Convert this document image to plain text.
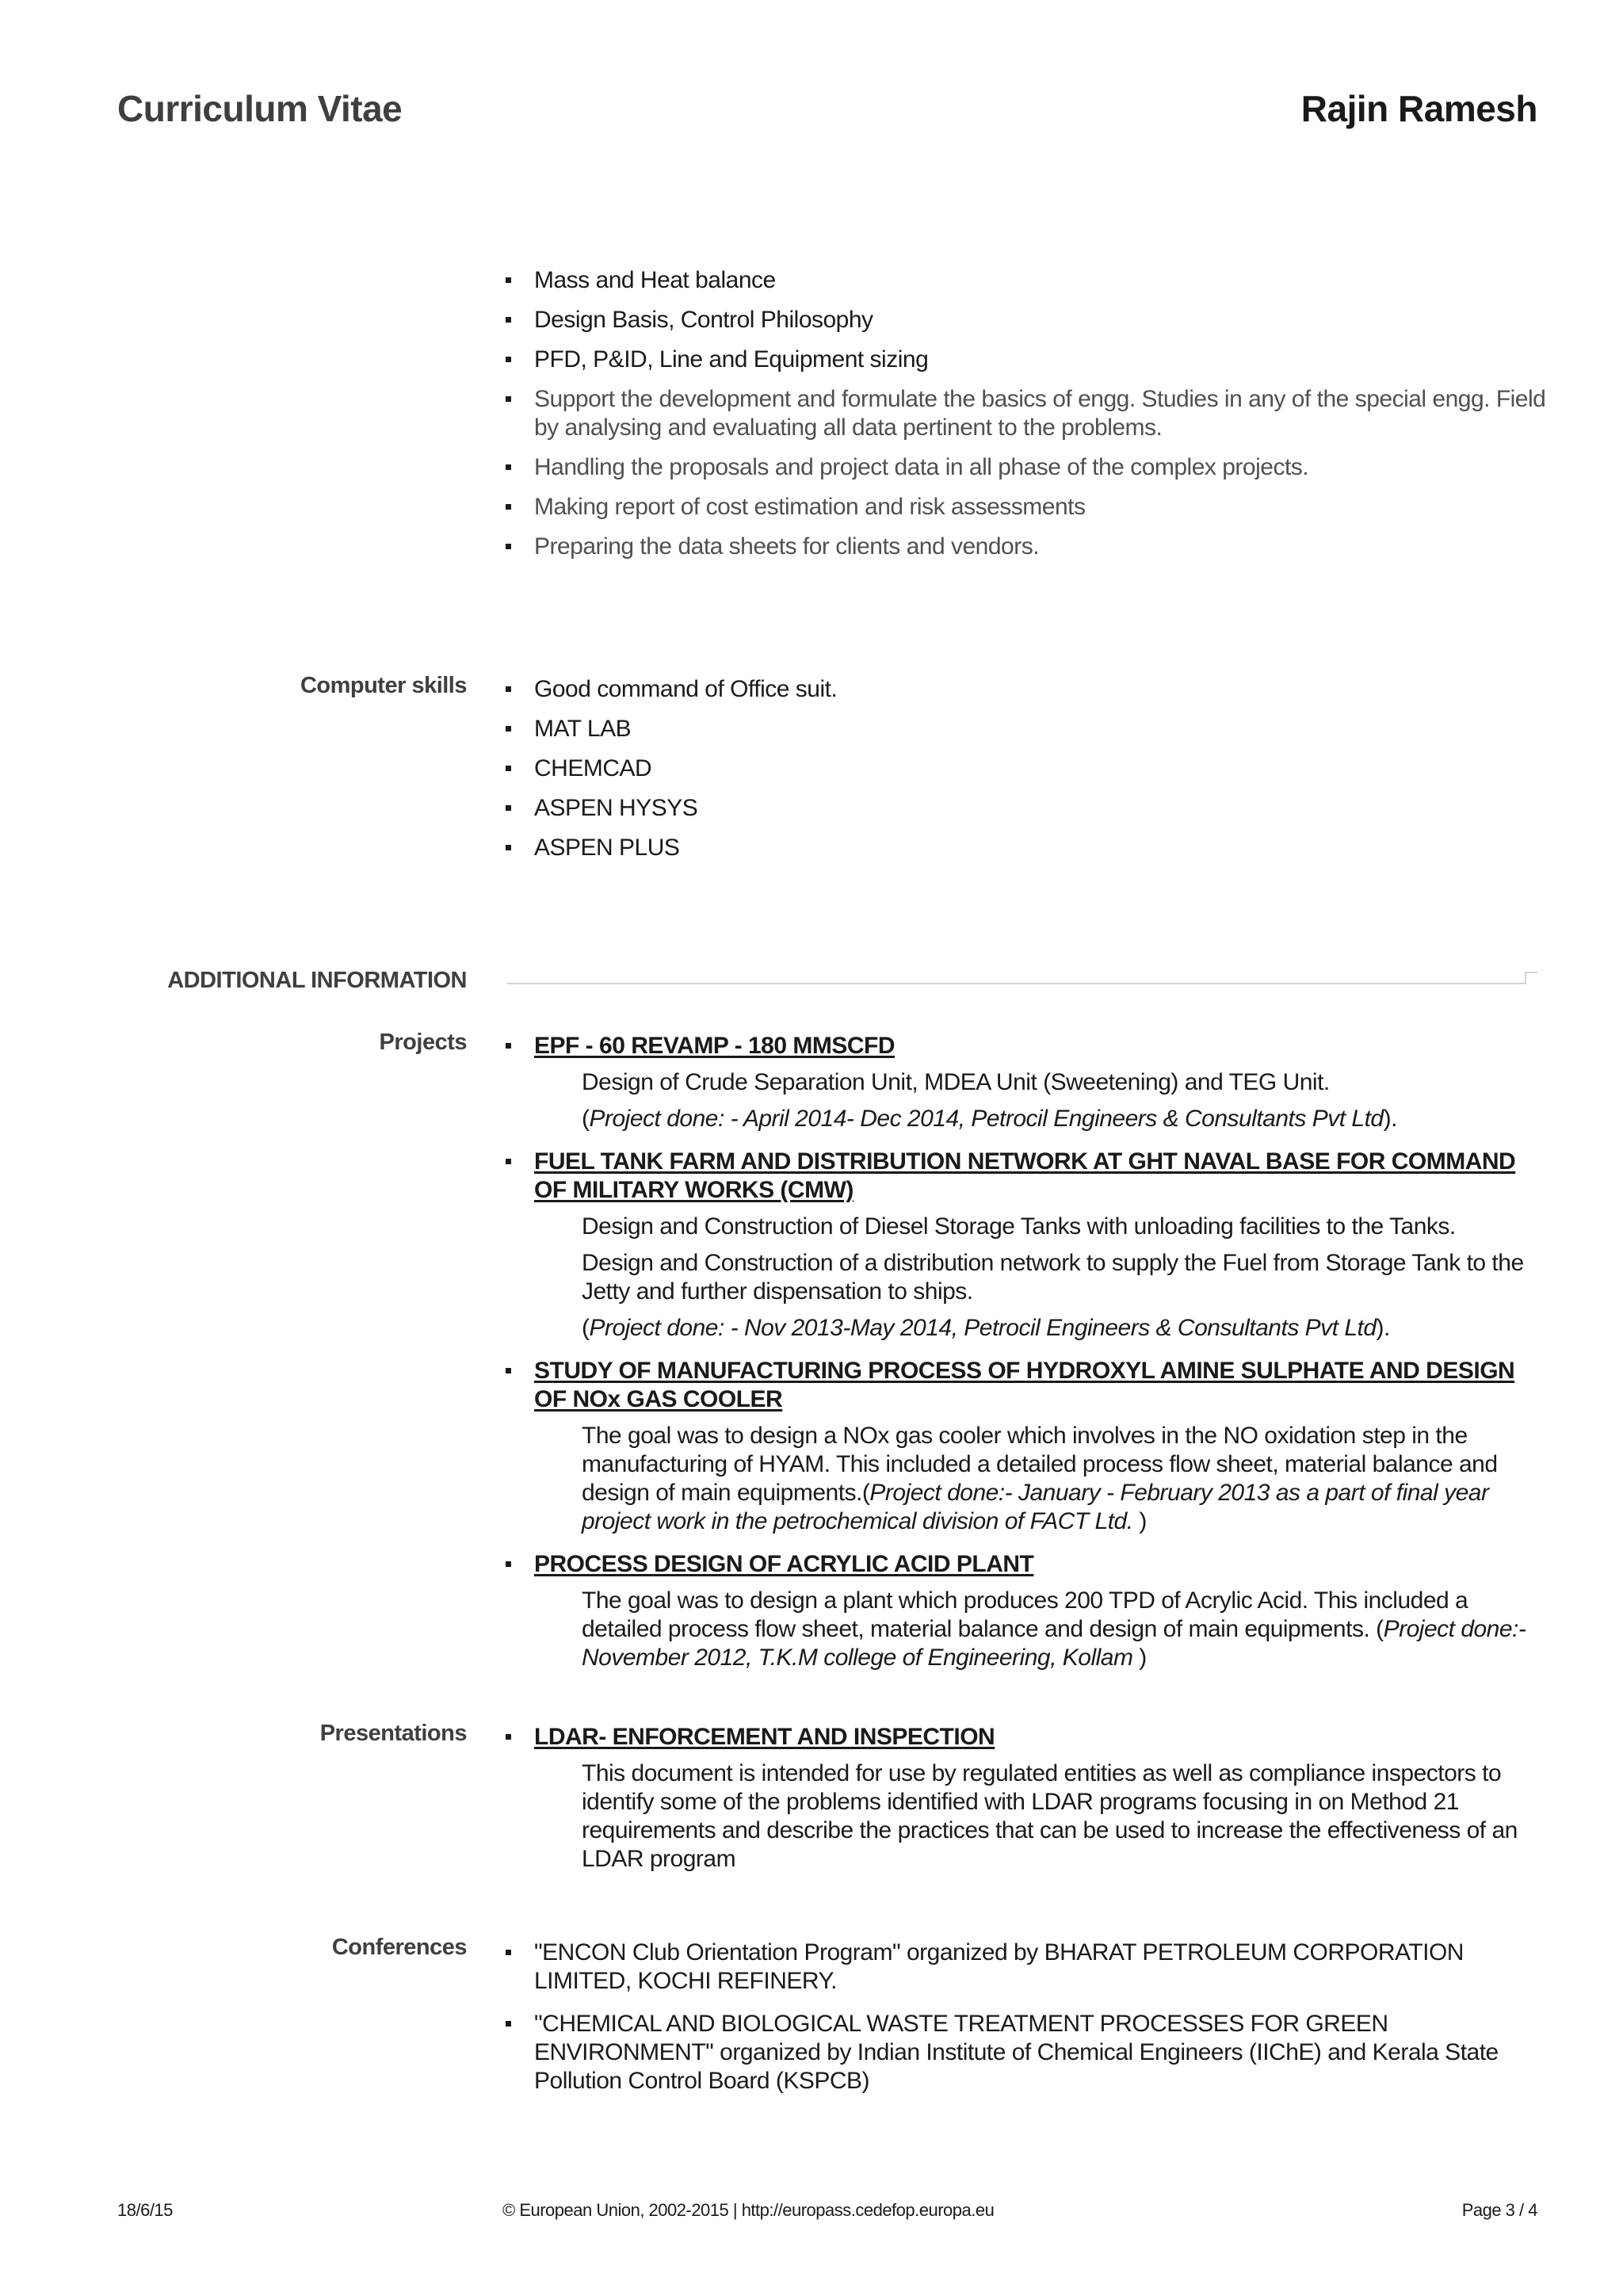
Curriculum Vitae	Rajin Ramesh
Mass and Heat balance
Design Basis, Control Philosophy
PFD, P&ID, Line and Equipment sizing
Support the development and formulate the basics of engg. Studies in any of the special engg. Field by analysing and evaluating all data pertinent to the problems.
Handling the proposals and project data in all phase of the complex projects.
Making report of cost estimation and risk assessments
Preparing the data sheets for clients and vendors.
Computer skills	Good command of Office suit.
MAT LAB
CHEMCAD
ASPEN HYSYS
ASPEN PLUS
ADDITIONAL INFORMATION
Projects	EPF - 60 REVAMP - 180 MMSCFD

Design of Crude Separation Unit, MDEA Unit (Sweetening) and TEG Unit.

(Project done: - April 2014- Dec 2014, Petrocil Engineers & Consultants Pvt Ltd).

FUEL TANK FARM AND DISTRIBUTION NETWORK AT GHT NAVAL BASE FOR COMMAND OF MILITARY WORKS (CMW)

Design and Construction of Diesel Storage Tanks with unloading facilities to the Tanks.

Design and Construction of a distribution network to supply the Fuel from Storage Tank to the Jetty and further dispensation to ships.

(Project done: - Nov 2013-May 2014, Petrocil Engineers & Consultants Pvt Ltd).

STUDY OF MANUFACTURING PROCESS OF HYDROXYL AMINE SULPHATE AND DESIGN OF NOx GAS COOLER

The goal was to design a NOx gas cooler which involves in the NO oxidation step in the manufacturing of HYAM. This included a detailed process flow sheet, material balance and design of main equipments.(Project done:- January - February 2013 as a part of final year project work in the petrochemical division of FACT Ltd. )

PROCESS DESIGN OF ACRYLIC ACID PLANT

The goal was to design a plant which produces 200 TPD of Acrylic Acid. This included a detailed process flow sheet, material balance and design of main equipments. (Project done:- November 2012, T.K.M college of Engineering, Kollam )

Presentations	LDAR- ENFORCEMENT AND INSPECTION

This document is intended for use by regulated entities as well as compliance inspectors to identify some of the problems identified with LDAR programs focusing in on Method 21 requirements and describe the practices that can be used to increase the effectiveness of an LDAR program

Conferences	"ENCON Club Orientation Program" organized by BHARAT PETROLEUM CORPORATION LIMITED, KOCHI REFINERY.
"CHEMICAL AND BIOLOGICAL WASTE TREATMENT PROCESSES FOR GREEN ENVIRONMENT" organized by Indian Institute of Chemical Engineers (IIChE) and Kerala State Pollution Control Board (KSPCB)
18/6/15	© European Union, 2002-2015 | http://europass.cedefop.europa.eu	Page 3 / 4
